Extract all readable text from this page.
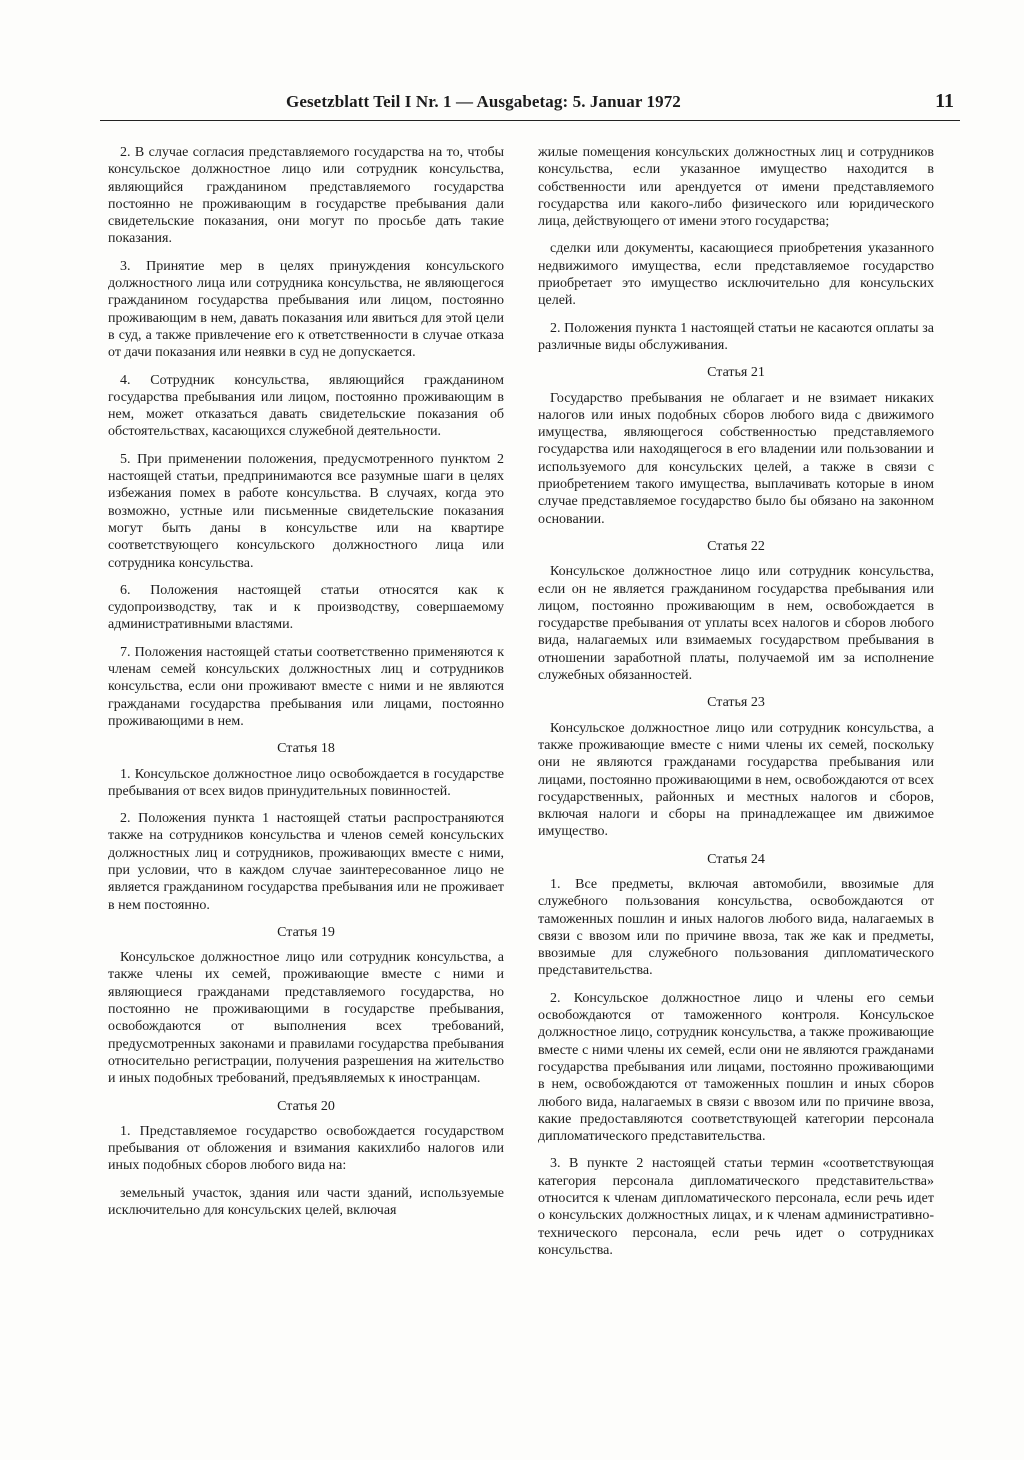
Gesetzblatt Teil I Nr. 1 — Ausgabetag: 5. Januar 1972	11

2. В случае согласия представляемого государства на то, чтобы консульское должностное лицо или сотрудник консульства, являющийся гражданином представляемого государства постоянно не проживающим в государстве пребывания дали свидетельские показания, они могут по просьбе дать такие показания.

3. Принятие мер в целях принуждения консульского должностного лица или сотрудника консульства, не являющегося гражданином государства пребывания или лицом, постоянно проживающим в нем, давать показания или явиться для этой цели в суд, а также привлечение его к ответственности в случае отказа от дачи показания или неявки в суд не допускается.

4. Сотрудник консульства, являющийся гражданином государства пребывания или лицом, постоянно проживающим в нем, может отказаться давать свидетельские показания об обстоятельствах, касающихся служебной деятельности.

5. При применении положения, предусмотренного пунктом 2 настоящей статьи, предпринимаются все разумные шаги в целях избежания помех в работе консульства. В случаях, когда это возможно, устные или письменные свидетельские показания могут быть даны в консульстве или на квартире соответствующего консульского должностного лица или сотрудника консульства.

6. Положения настоящей статьи относятся как к судопроизводству, так и к производству, совершаемому административными властями.

7. Положения настоящей статьи соответственно применяются к членам семей консульских должностных лиц и сотрудников консульства, если они проживают вместе с ними и не являются гражданами государства пребывания или лицами, постоянно проживающими в нем.

Статья 18

1. Консульское должностное лицо освобождается в государстве пребывания от всех видов принудительных повинностей.

2. Положения пункта 1 настоящей статьи распространяются также на сотрудников консульства и членов семей консульских должностных лиц и сотрудников, проживающих вместе с ними, при условии, что в каждом случае заинтересованное лицо не является гражданином государства пребывания или не проживает в нем постоянно.

Статья 19

Консульское должностное лицо или сотрудник консульства, а также члены их семей, проживающие вместе с ними и являющиеся гражданами представляемого государства, но постоянно не проживающими в государстве пребывания, освобождаются от выполнения всех требований, предусмотренных законами и правилами государства пребывания относительно регистрации, получения разрешения на жительство и иных подобных требований, предъявляемых к иностранцам.

Статья 20

1. Представляемое государство освобождается государством пребывания от обложения и взимания какихлибо налогов или иных подобных сборов любого вида на:

земельный участок, здания или части зданий, используемые исключительно для консульских целей, включая

жилые помещения консульских должностных лиц и сотрудников консульства, если указанное имущество находится в собственности или арендуется от имени представляемого государства или какого-либо физического или юридического лица, действующего от имени этого государства;

сделки или документы, касающиеся приобретения указанного недвижимого имущества, если представляемое государство приобретает это имущество исключительно для консульских целей.

2. Положения пункта 1 настоящей статьи не касаются оплаты за различные виды обслуживания.

Статья 21

Государство пребывания не облагает и не взимает никаких налогов или иных подобных сборов любого вида с движимого имущества, являющегося собственностью представляемого государства или находящегося в его владении или пользовании и используемого для консульских целей, а также в связи с приобретением такого имущества, выплачивать которые в ином случае представляемое государство было бы обязано на законном основании.

Статья 22

Консульское должностное лицо или сотрудник консульства, если он не является гражданином государства пребывания или лицом, постоянно проживающим в нем, освобождается в государстве пребывания от уплаты всех налогов и сборов любого вида, налагаемых или взимаемых государством пребывания в отношении заработной платы, получаемой им за исполнение служебных обязанностей.

Статья 23

Консульское должностное лицо или сотрудник консульства, а также проживающие вместе с ними члены их семей, поскольку они не являются гражданами государства пребывания или лицами, постоянно проживающими в нем, освобождаются от всех государственных, районных и местных налогов и сборов, включая налоги и сборы на принадлежащее им движимое имущество.

Статья 24

1. Все предметы, включая автомобили, ввозимые для служебного пользования консульства, освобождаются от таможенных пошлин и иных налогов любого вида, налагаемых в связи с ввозом или по причине ввоза, так же как и предметы, ввозимые для служебного пользования дипломатического представительства.

2. Консульское должностное лицо и члены его семьи освобождаются от таможенного контроля. Консульское должностное лицо, сотрудник консульства, а также проживающие вместе с ними члены их семей, если они не являются гражданами государства пребывания или лицами, постоянно проживающими в нем, освобождаются от таможенных пошлин и иных сборов любого вида, налагаемых в связи с ввозом или по причине ввоза, какие предоставляются соответствующей категории персонала дипломатического представительства.

3. В пункте 2 настоящей статьи термин «соответствующая категория персонала дипломатического представительства» относится к членам дипломатического персонала, если речь идет о консульских должностных лицах, и к членам административно-технического персонала, если речь идет о сотрудниках консульства.
